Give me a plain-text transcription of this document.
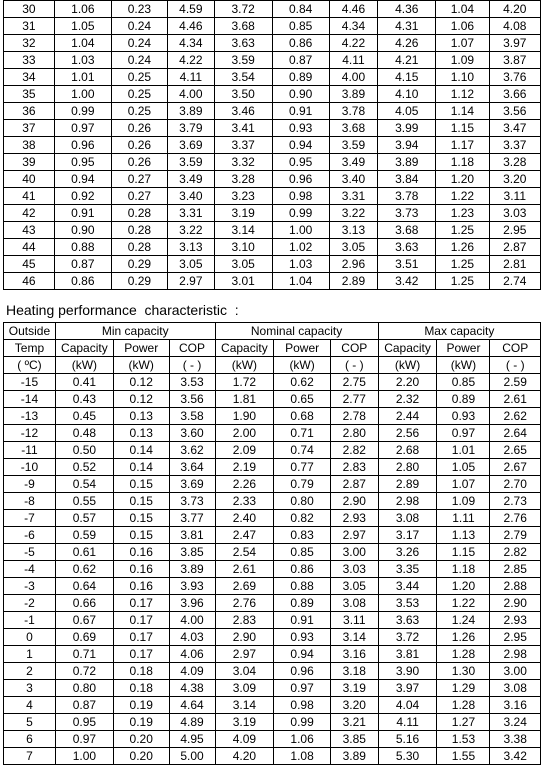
30	1.06	0.23	4.59	3.72	0.84	4.46	4.36	1.04	4.20
31	1.05	0.24	4.46	3.68	0.85	4.34	4.31	1.06	4.08
32	1.04	0.24	4.34	3.63	0.86	4.22	4.26	1.07	3.97
33	1.03	0.24	4.22	3.59	0.87	4.11	4.21	1.09	3.87
34	1.01	0.25	4.11	3.54	0.89	4.00	4.15	1.10	3.76
35	1.00	0.25	4.00	3.50	0.90	3.89	4.10	1.12	3.66
36	0.99	0.25	3.89	3.46	0.91	3.78	4.05	1.14	3.56
37	0.97	0.26	3.79	3.41	0.93	3.68	3.99	1.15	3.47
38	0.96	0.26	3.69	3.37	0.94	3.59	3.94	1.17	3.37
39	0.95	0.26	3.59	3.32	0.95	3.49	3.89	1.18	3.28
40	0.94	0.27	3.49	3.28	0.96	3.40	3.84	1.20	3.20
41	0.92	0.27	3.40	3.23	0.98	3.31	3.78	1.22	3.11
42	0.91	0.28	3.31	3.19	0.99	3.22	3.73	1.23	3.03
43	0.90	0.28	3.22	3.14	1.00	3.13	3.68	1.25	2.95
44	0.88	0.28	3.13	3.10	1.02	3.05	3.63	1.26	2.87
45	0.87	0.29	3.05	3.05	1.03	2.96	3.51	1.25	2.81
46	0.86	0.29	2.97	3.01	1.04	2.89	3.42	1.25	2.74
Heating performance  characteristic  :
Outside	Min capacity			Nominal capacity			Max capacity		
Temp	Capacity	Power	COP	Capacity	Power	COP	Capacity	Power	COP
( ºC)	(kW)	(kW)	( - )	(kW)	(kW)	( - )	(kW)	(kW)	( - )
-15	0.41	0.12	3.53	1.72	0.62	2.75	2.20	0.85	2.59
-14	0.43	0.12	3.56	1.81	0.65	2.77	2.32	0.89	2.61
-13	0.45	0.13	3.58	1.90	0.68	2.78	2.44	0.93	2.62
-12	0.48	0.13	3.60	2.00	0.71	2.80	2.56	0.97	2.64
-11	0.50	0.14	3.62	2.09	0.74	2.82	2.68	1.01	2.65
-10	0.52	0.14	3.64	2.19	0.77	2.83	2.80	1.05	2.67
-9	0.54	0.15	3.69	2.26	0.79	2.87	2.89	1.07	2.70
-8	0.55	0.15	3.73	2.33	0.80	2.90	2.98	1.09	2.73
-7	0.57	0.15	3.77	2.40	0.82	2.93	3.08	1.11	2.76
-6	0.59	0.15	3.81	2.47	0.83	2.97	3.17	1.13	2.79
-5	0.61	0.16	3.85	2.54	0.85	3.00	3.26	1.15	2.82
-4	0.62	0.16	3.89	2.61	0.86	3.03	3.35	1.18	2.85
-3	0.64	0.16	3.93	2.69	0.88	3.05	3.44	1.20	2.88
-2	0.66	0.17	3.96	2.76	0.89	3.08	3.53	1.22	2.90
-1	0.67	0.17	4.00	2.83	0.91	3.11	3.63	1.24	2.93
0	0.69	0.17	4.03	2.90	0.93	3.14	3.72	1.26	2.95
1	0.71	0.17	4.06	2.97	0.94	3.16	3.81	1.28	2.98
2	0.72	0.18	4.09	3.04	0.96	3.18	3.90	1.30	3.00
3	0.80	0.18	4.38	3.09	0.97	3.19	3.97	1.29	3.08
4	0.87	0.19	4.64	3.14	0.98	3.20	4.04	1.28	3.16
5	0.95	0.19	4.89	3.19	0.99	3.21	4.11	1.27	3.24
6	0.97	0.20	4.95	4.09	1.06	3.85	5.16	1.53	3.38
7	1.00	0.20	5.00	4.20	1.08	3.89	5.30	1.55	3.42
